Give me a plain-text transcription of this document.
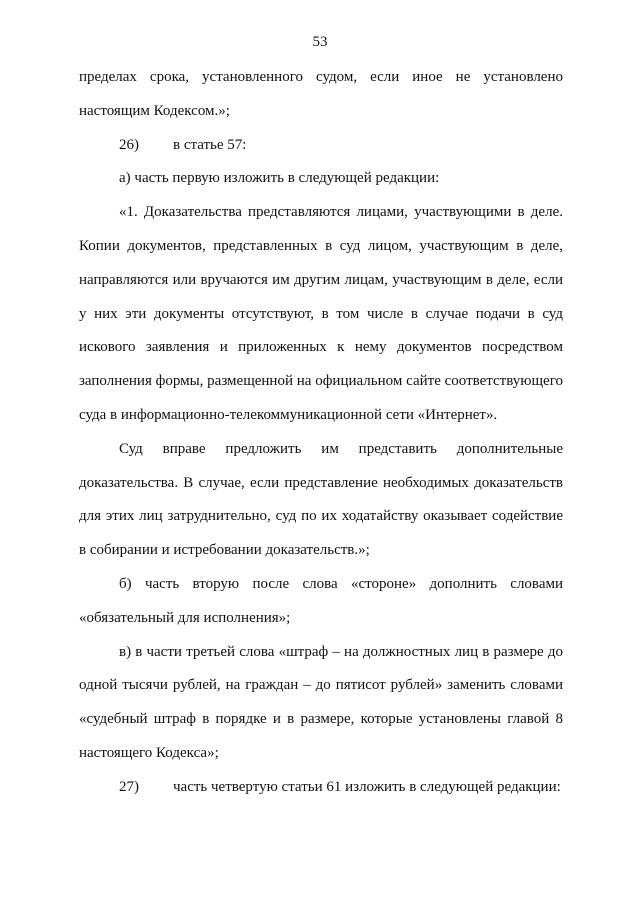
53

пределах срока, установленного судом, если иное не установлено настоящим Кодексом.»;

26) в статье 57:

а) часть первую изложить в следующей редакции:

«1. Доказательства представляются лицами, участвующими в деле. Копии документов, представленных в суд лицом, участвующим в деле, направляются или вручаются им другим лицам, участвующим в деле, если у них эти документы отсутствуют, в том числе в случае подачи в суд искового заявления и приложенных к нему документов посредством заполнения формы, размещенной на официальном сайте соответствующего суда в информационно-телекоммуникационной сети «Интернет».

Суд вправе предложить им представить дополнительные доказательства. В случае, если представление необходимых доказательств для этих лиц затруднительно, суд по их ходатайству оказывает содействие в собирании и истребовании доказательств.»;

б) часть вторую после слова «стороне» дополнить словами «обязательный для исполнения»;

в) в части третьей слова «штраф – на должностных лиц в размере до одной тысячи рублей, на граждан – до пятисот рублей» заменить словами «судебный штраф в порядке и в размере, которые установлены главой 8 настоящего Кодекса»;

27) часть четвертую статьи 61 изложить в следующей редакции:
